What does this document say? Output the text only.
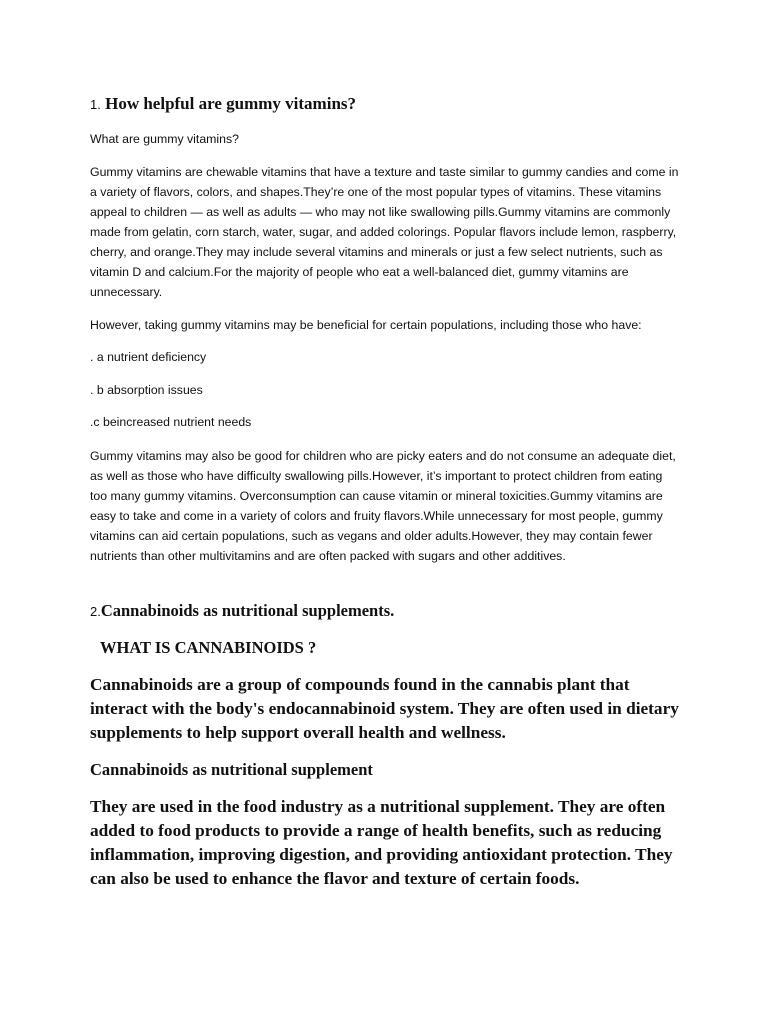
1. How helpful are gummy vitamins?

What are gummy vitamins?

Gummy vitamins are chewable vitamins that have a texture and taste similar to gummy candies and come in a variety of flavors, colors, and shapes.They’re one of the most popular types of vitamins. These vitamins appeal to children — as well as adults — who may not like swallowing pills.Gummy vitamins are commonly made from gelatin, corn starch, water, sugar, and added colorings. Popular flavors include lemon, raspberry, cherry, and orange.They may include several vitamins and minerals or just a few select nutrients, such as vitamin D and calcium.For the majority of people who eat a well-balanced diet, gummy vitamins are unnecessary.

However, taking gummy vitamins may be beneficial for certain populations, including those who have:

. a nutrient deficiency

. b absorption issues

.c beincreased nutrient needs

Gummy vitamins may also be good for children who are picky eaters and do not consume an adequate diet, as well as those who have difficulty swallowing pills.However, it’s important to protect children from eating too many gummy vitamins. Overconsumption can cause vitamin or mineral toxicities.Gummy vitamins are easy to take and come in a variety of colors and fruity flavors.While unnecessary for most people, gummy vitamins can aid certain populations, such as vegans and older adults.However, they may contain fewer nutrients than other multivitamins and are often packed with sugars and other additives.

2.Cannabinoids as nutritional supplements.
WHAT IS CANNABINOIDS ?

Cannabinoids are a group of compounds found in the cannabis plant that interact with the body's endocannabinoid system. They are often used in dietary supplements to help support overall health and wellness.

Cannabinoids as nutritional supplement

They are used in the food industry as a nutritional supplement. They are often added to food products to provide a range of health benefits, such as reducing inflammation, improving digestion, and providing antioxidant protection. They can also be used to enhance the flavor and texture of certain foods.
